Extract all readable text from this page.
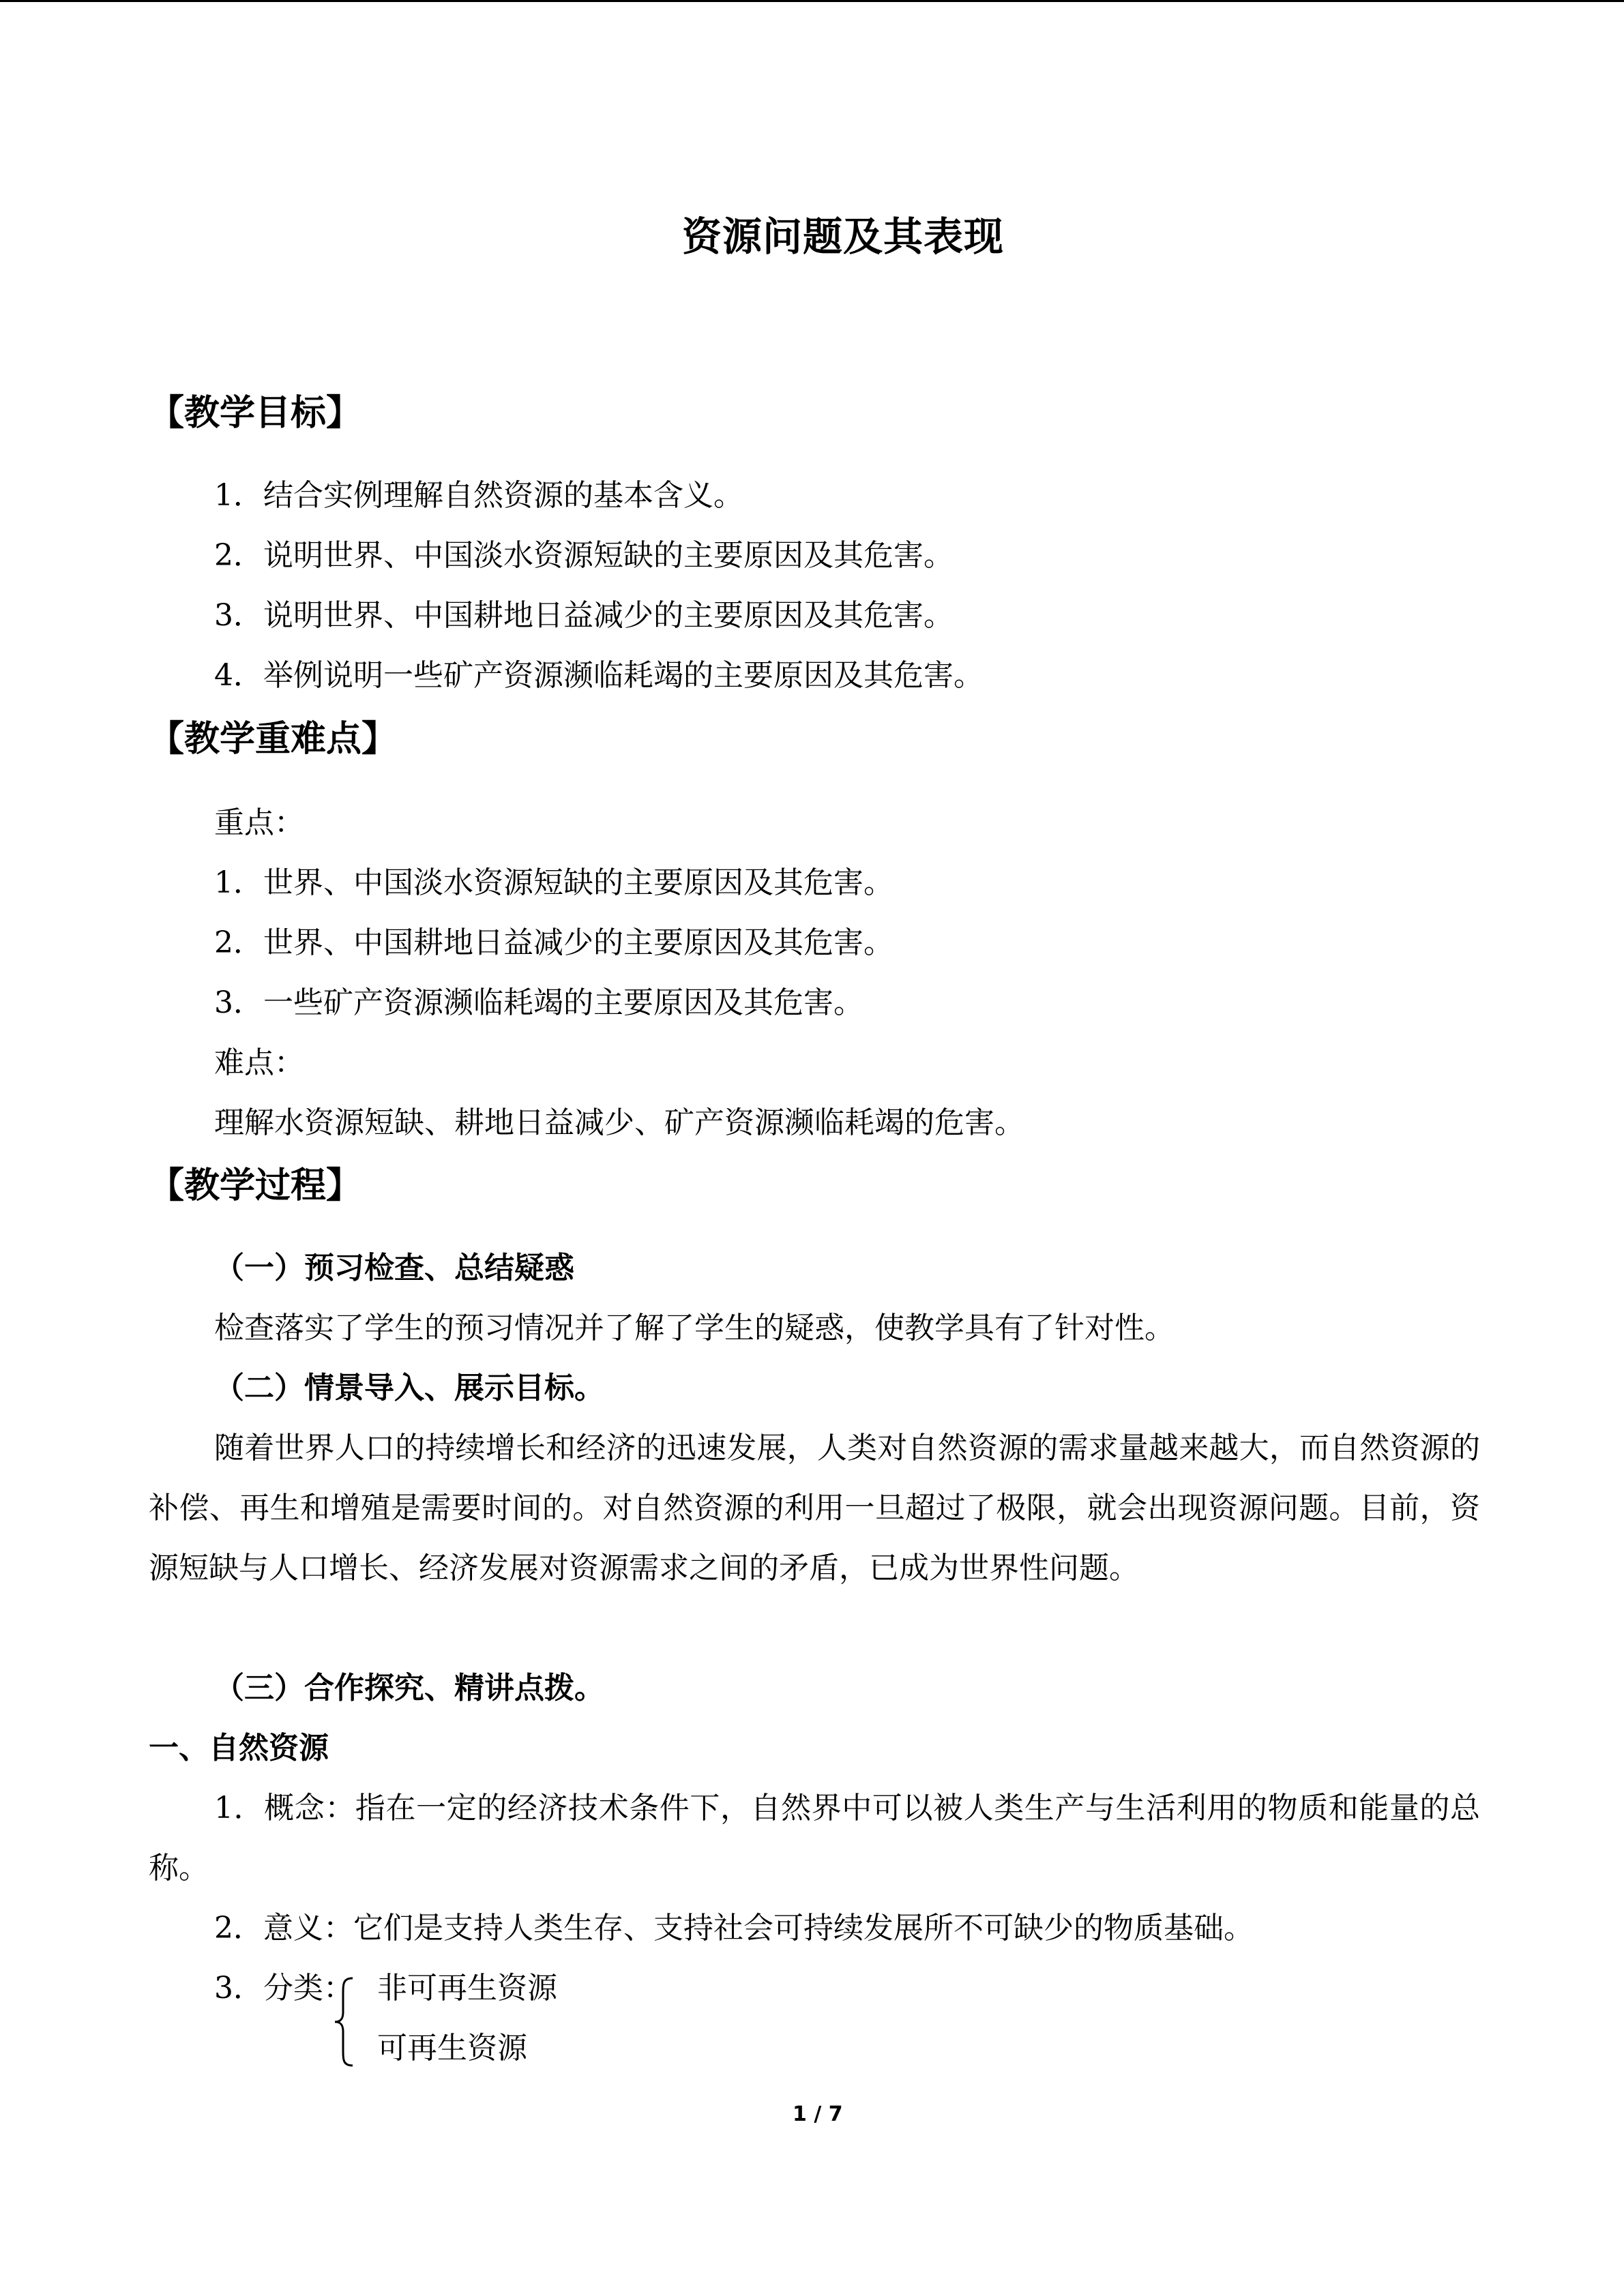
资源问题及其表现
【教学目标】
1．结合实例理解自然资源的基本含义。
2．说明世界、中国淡水资源短缺的主要原因及其危害。
3．说明世界、中国耕地日益减少的主要原因及其危害。
4．举例说明一些矿产资源濒临耗竭的主要原因及其危害。
【教学重难点】
重点：
1．世界、中国淡水资源短缺的主要原因及其危害。
2．世界、中国耕地日益减少的主要原因及其危害。
3．一些矿产资源濒临耗竭的主要原因及其危害。
难点：
理解水资源短缺、耕地日益减少、矿产资源濒临耗竭的危害。
【教学过程】
（一）预习检查、总结疑惑
检查落实了学生的预习情况并了解了学生的疑惑，使教学具有了针对性。
（二）情景导入、展示目标。
随着世界人口的持续增长和经济的迅速发展，人类对自然资源的需求量越来越大，而自然资源的补偿、再生和增殖是需要时间的。对自然资源的利用一旦超过了极限，就会出现资源问题。目前，资源短缺与人口增长、经济发展对资源需求之间的矛盾，已成为世界性问题。
（三）合作探究、精讲点拨。
一、自然资源
1．概念：指在一定的经济技术条件下，自然界中可以被人类生产与生活利用的物质和能量的总称。
2．意义：它们是支持人类生存、支持社会可持续发展所不可缺少的物质基础。
3．分类： 非可再生资源
可再生资源
1 / 7
